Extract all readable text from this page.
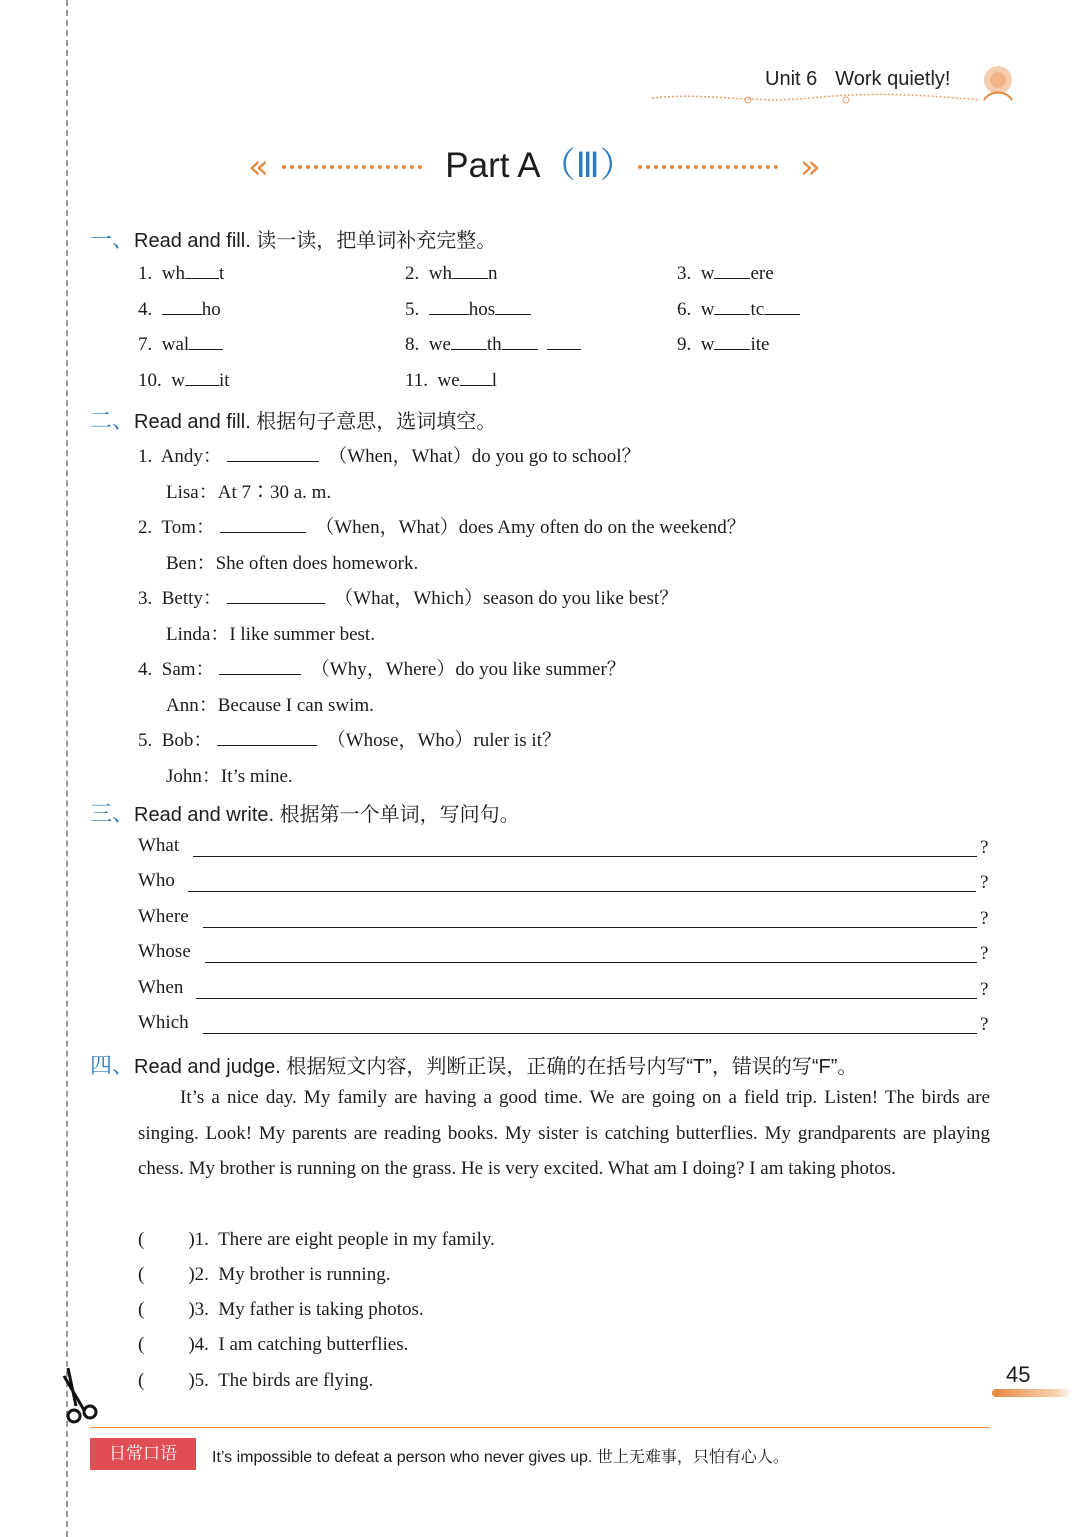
Unit 6 Work quietly!
«	Part A（Ⅲ）	»
一、Read and fill. 读一读，把单词补充完整。
1. wh t	2. wh n	3. w ere
4.	ho	5.	hos	6. w tc
7. wal	8. we th	9. w ite
10. w it	11. we l
二、Read and fill. 根据句子意思，选词填空。
1. Andy：	（When，What）do you go to school？
Lisa：At 7∶30 a. m.
2. Tom：	（When，What）does Amy often do on the weekend？
Ben：She often does homework.
3. Betty：	（What，Which）season do you like best？
Linda：I like summer best.
4. Sam：	（Why，Where）do you like summer？
Ann：Because I can swim.
5. Bob：	（Whose，Who）ruler is it？
John：It’s mine.
三、Read and write. 根据第一个单词，写问句。
What	?
Who	?
Where	?
Whose	?
When	?
Which	?
四、Read and judge. 根据短文内容，判断正误，正确的在括号内写“T”，错误的写“F”。
It’s a nice day. My family are having a good time. We are going on a field trip. Listen! The birds are singing. Look! My parents are reading books. My sister is catching butterflies. My grandparents are playing chess. My brother is running on the grass. He is very excited. What am I doing? I am taking photos.
( )1. There are eight people in my family.
( )2. My brother is running.
( )3. My father is taking photos.
( )4. I am catching butterflies.
( )5. The birds are flying.	45
日常口语	It’s impossible to defeat a person who never gives up. 世上无难事，只怕有心人。
